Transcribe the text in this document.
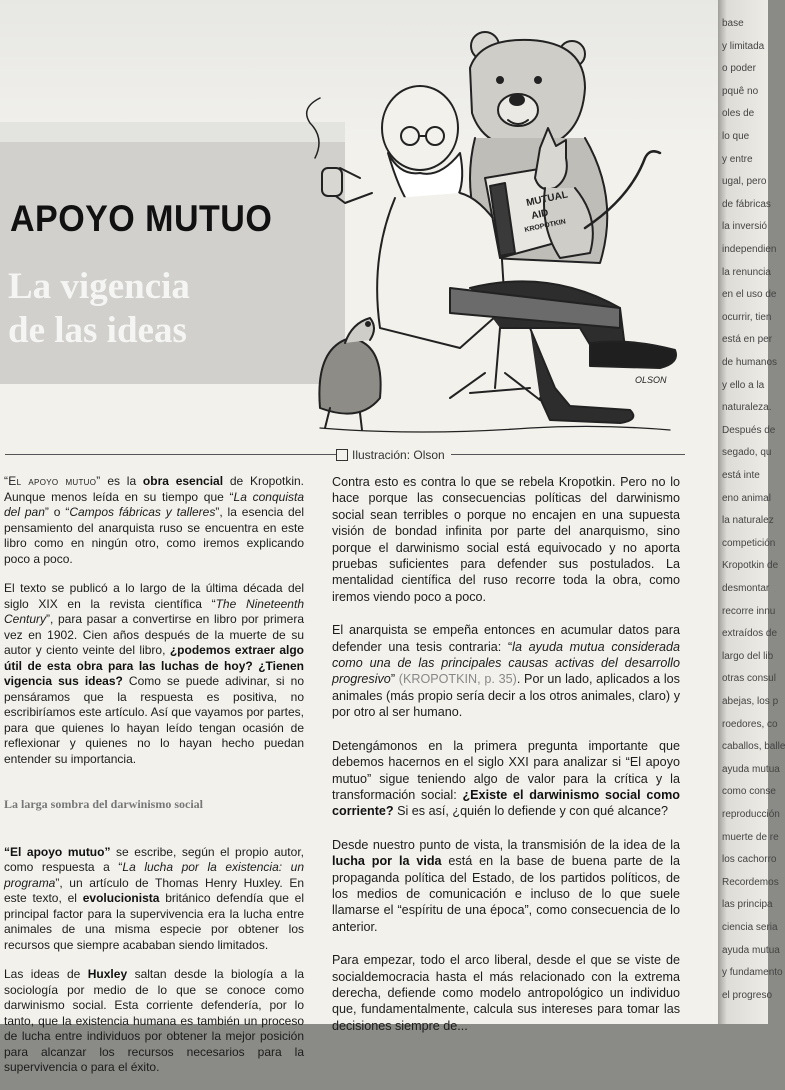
APOYO MUTUO
La vigencia
de las ideas
MUTUAL
AID
KROPOTKIN
OLSON
Ilustración: Olson

“El apoyo mutuo” es la obra esencial de Kropotkin. Aunque menos leída en su tiempo que “La conquista del pan” o “Campos fábricas y talleres”, la esencia del pensamiento del anarquista ruso se encuentra en este libro como en ningún otro, como iremos explicando poco a poco.

El texto se publicó a lo largo de la última década del siglo XIX en la revista científica “The Nineteenth Century”, para pasar a convertirse en libro por primera vez en 1902. Cien años después de la muerte de su autor y ciento veinte del libro, ¿podemos extraer algo útil de esta obra para las luchas de hoy? ¿Tienen vigencia sus ideas? Como se puede adivinar, si no pensáramos que la respuesta es positiva, no escribiríamos este artículo. Así que vayamos por partes, para que quienes lo hayan leído tengan ocasión de reflexionar y quienes no lo hayan hecho puedan entender su importancia.

La larga sombra del darwinismo social

“El apoyo mutuo” se escribe, según el propio autor, como respuesta a “La lucha por la existencia: un programa”, un artículo de Thomas Henry Huxley. En este texto, el evolucionista británico defendía que el principal factor para la supervivencia era la lucha entre animales de una misma especie por obtener los recursos que siempre acababan siendo limitados.

Las ideas de Huxley saltan desde la biología a la sociología por medio de lo que se conoce como darwinismo social. Esta corriente defendería, por lo tanto, que la existencia humana es también un proceso de lucha entre individuos por obtener la mejor posición para alcanzar los recursos necesarios para la supervivencia o para el éxito.

Contra esto es contra lo que se rebela Kropotkin. Pero no lo hace porque las consecuencias políticas del darwinismo social sean terribles o porque no encajen en una supuesta visión de bondad infinita por parte del anarquismo, sino porque el darwinismo social está equivocado y no aporta pruebas suficientes para defender sus postulados. La mentalidad científica del ruso recorre toda la obra, como iremos viendo poco a poco.

El anarquista se empeña entonces en acumular datos para defender una tesis contraria: “la ayuda mutua considerada como una de las principales causas activas del desarrollo progresivo” (KROPOTKIN, p. 35). Por un lado, aplicados a los animales (más propio sería decir a los otros animales, claro) y por otro al ser humano.

Detengámonos en la primera pregunta importante que debemos hacernos en el siglo XXI para analizar si “El apoyo mutuo” sigue teniendo algo de valor para la crítica y la transformación social: ¿Existe el darwinismo social como corriente? Si es así, ¿quién lo defiende y con qué alcance?

Desde nuestro punto de vista, la transmisión de la idea de la lucha por la vida está en la base de buena parte de la propaganda política del Estado, de los partidos políticos, de los medios de comunicación e incluso de lo que suele llamarse el “espíritu de una época”, como consecuencia de lo anterior.

Para empezar, todo el arco liberal, desde el que se viste de socialdemocracia hasta el más relacionado con la extrema derecha, defiende como modelo antropológico un individuo que, fundamentalmente, calcula sus intereses para tomar las decisiones siempre de...

base
y limitada
o poder
pquê no
oles de
lo que
y entre
ugal, pero
de fábricas
la inversió
independien
la renuncia
en el uso de
ocurrir, tien
está en per
de humanos
y ello a la
naturaleza.
Después de
segado, qu
está inte
eno animal
la naturalez
competición
Kropotkin de
desmontar
recorre innu
extraídos de
largo del lib
otras consul
abejas, los p
roedores, co
caballos, balle
ayuda mutua
como conse
reproducción
muerte de re
los cachorro
Recordemos
las principa
ciencia seria
ayuda mutua
y fundamento
el progreso
